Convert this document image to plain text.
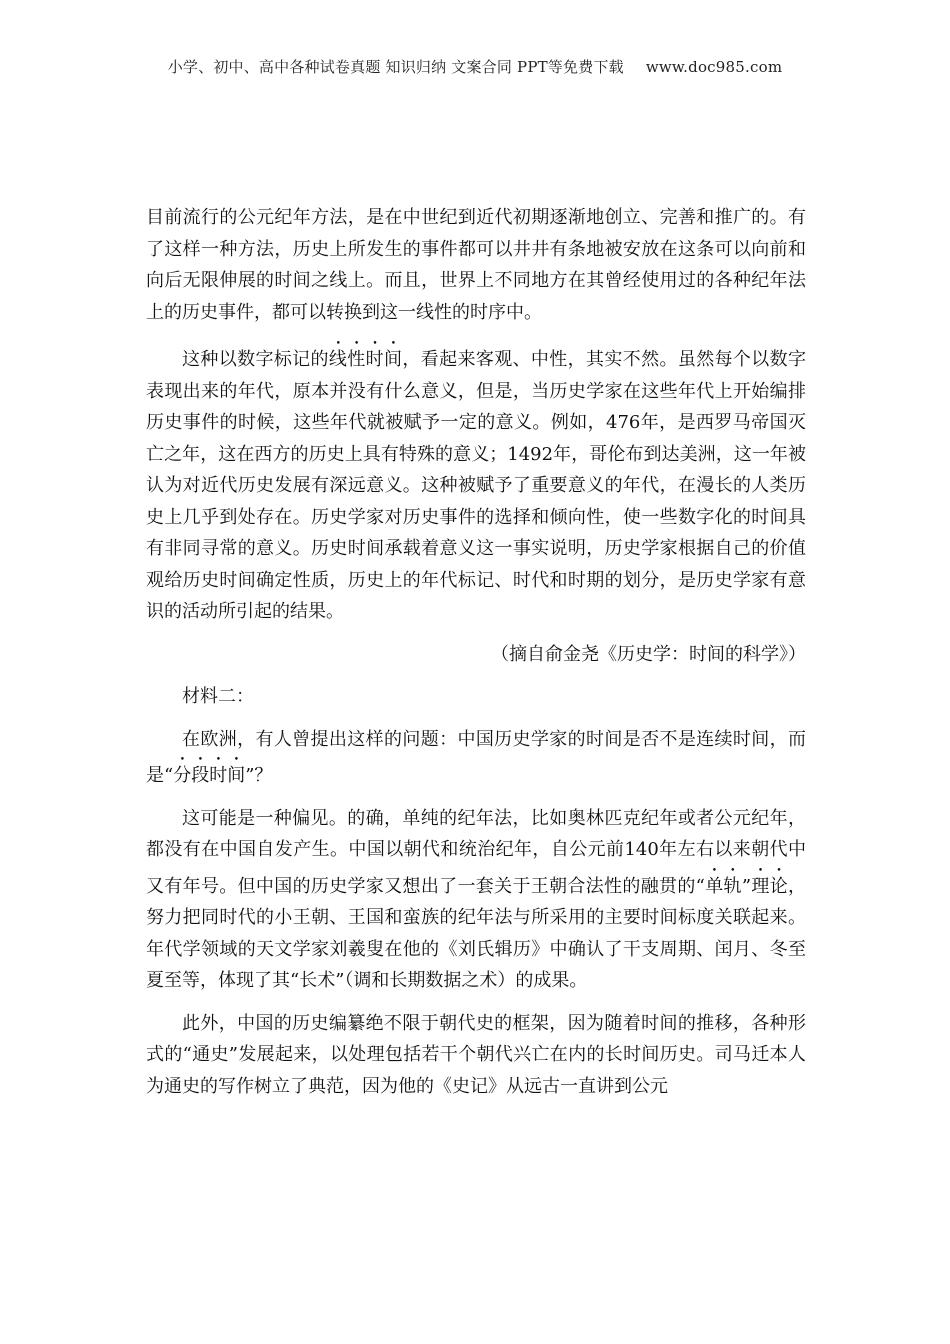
小学、初中、高中各种试卷真题 知识归纳 文案合同 PPT等免费下载 www.doc985.com

目前流行的公元纪年方法，是在中世纪到近代初期逐渐地创立、完善和推广的。有了这样一种方法，历史上所发生的事件都可以井井有条地被安放在这条可以向前和向后无限伸展的时间之线上。而且，世界上不同地方在其曾经使用过的各种纪年法上的历史事件，都可以转换到这一线性的时序中。

这种以数字标记的线性时间，看起来客观、中性，其实不然。虽然每个以数字表现出来的年代，原本并没有什么意义，但是，当历史学家在这些年代上开始编排历史事件的时候，这些年代就被赋予一定的意义。例如，476年，是西罗马帝国灭亡之年，这在西方的历史上具有特殊的意义；1492年，哥伦布到达美洲，这一年被认为对近代历史发展有深远意义。这种被赋予了重要意义的年代，在漫长的人类历史上几乎到处存在。历史学家对历史事件的选择和倾向性，使一些数字化的时间具有非同寻常的意义。历史时间承载着意义这一事实说明，历史学家根据自己的价值观给历史时间确定性质，历史上的年代标记、时代和时期的划分，是历史学家有意识的活动所引起的结果。

（摘自俞金尧《历史学：时间的科学》）

材料二：

在欧洲，有人曾提出这样的问题：中国历史学家的时间是否不是连续时间，而是“分段时间”？

这可能是一种偏见。的确，单纯的纪年法，比如奥林匹克纪年或者公元纪年，都没有在中国自发产生。中国以朝代和统治纪年，自公元前140年左右以来朝代中又有年号。但中国的历史学家又想出了一套关于王朝合法性的融贯的“单轨”理论，努力把同时代的小王朝、王国和蛮族的纪年法与所采用的主要时间标度关联起来。年代学领域的天文学家刘羲叟在他的《刘氏辑历》中确认了干支周期、闰月、冬至夏至等，体现了其“长术”（调和长期数据之术）的成果。

此外，中国的历史编纂绝不限于朝代史的框架，因为随着时间的推移，各种形式的“通史”发展起来，以处理包括若干个朝代兴亡在内的长时间历史。司马迁本人为通史的写作树立了典范，因为他的《史记》从远古一直讲到公元
